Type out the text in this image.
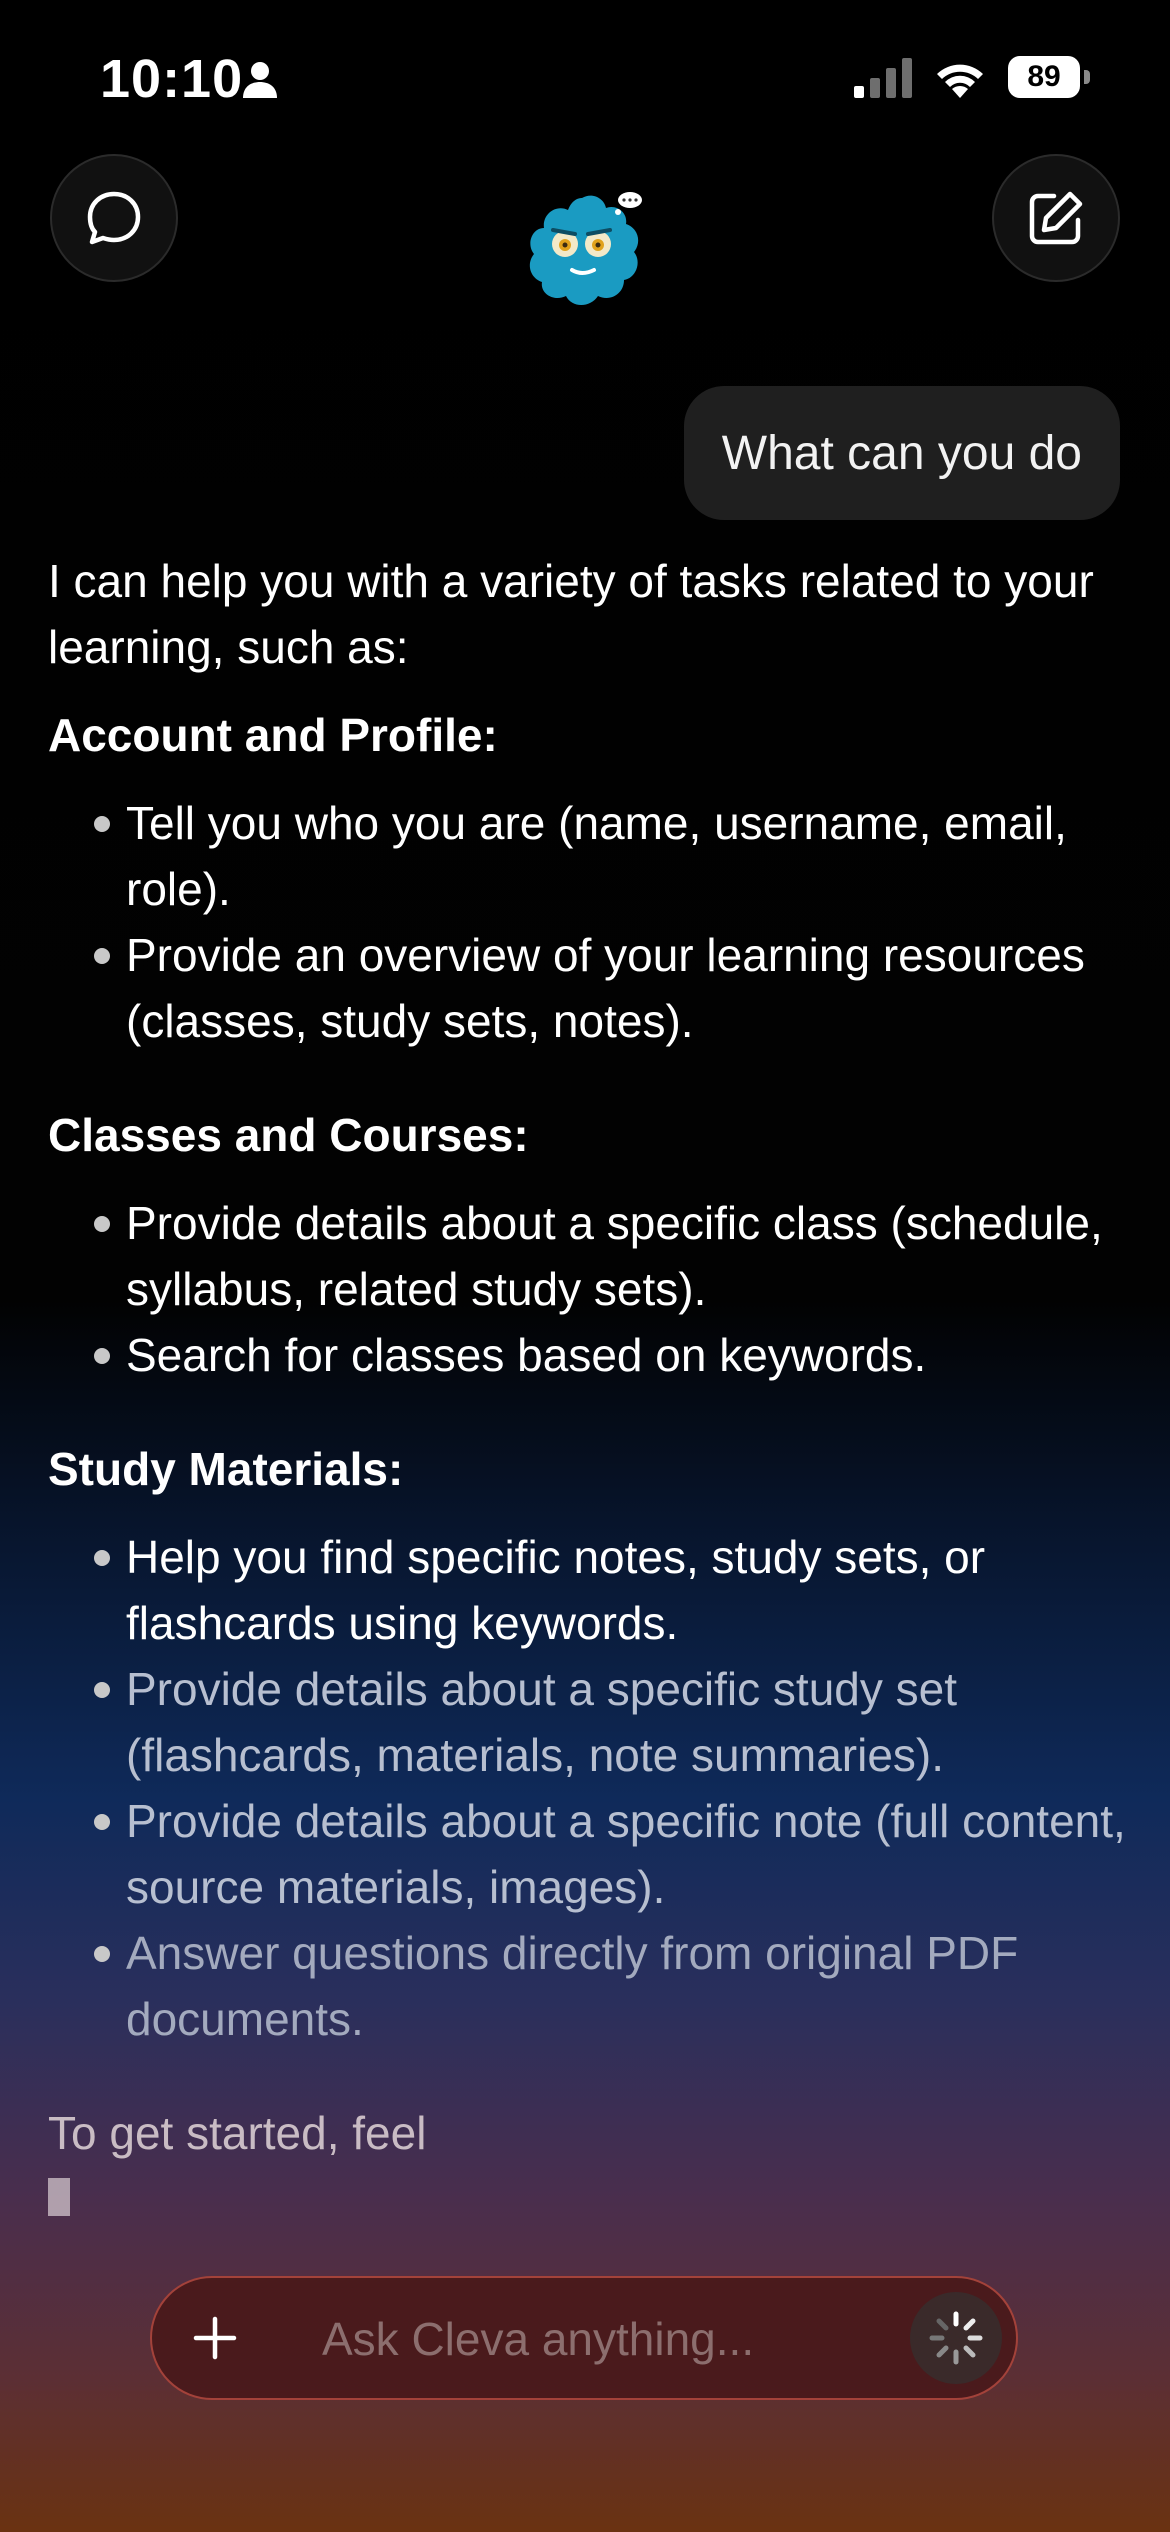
10:10	89
What can you do

I can help you with a variety of tasks related to your learning, such as:

Account and Profile:

Tell you who you are (name, username, email, role).
Provide an overview of your learning resources (classes, study sets, notes).

Classes and Courses:

Provide details about a specific class (schedule, syllabus, related study sets).
Search for classes based on keywords.

Study Materials:

Help you find specific notes, study sets, or flashcards using keywords.
Provide details about a specific study set (flashcards, materials, note summaries).
Provide details about a specific note (full content, source materials, images).
Answer questions directly from original PDF documents.

To get started, feel

Ask Cleva anything...
